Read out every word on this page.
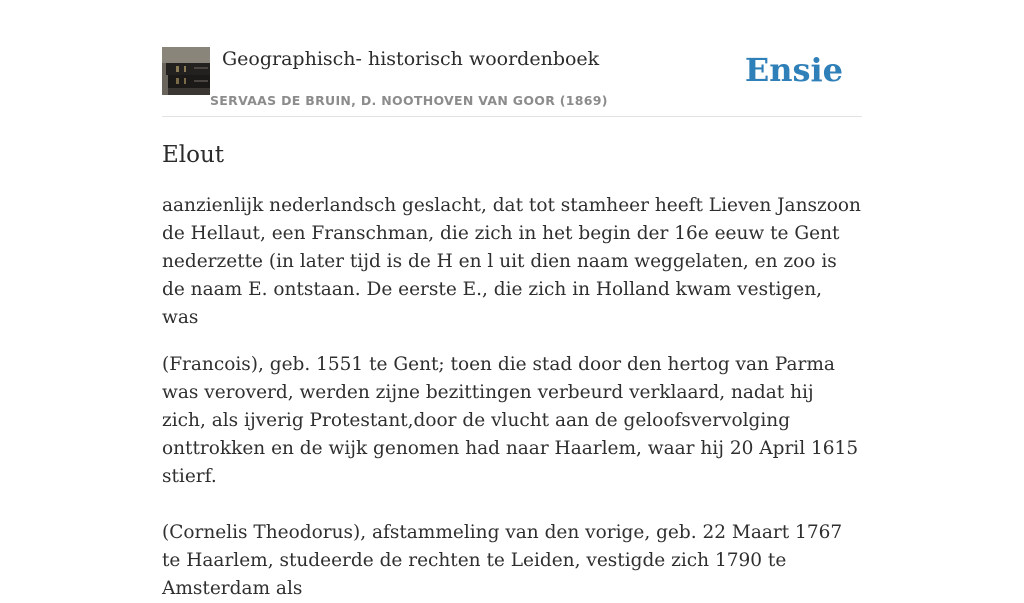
Geographisch- historisch woordenboek
SERVAAS DE BRUIN, D. NOOTHOVEN VAN GOOR (1869)
Ensie
Elout

aanzienlijk nederlandsch geslacht, dat tot stamheer heeft Lieven Janszoon de Hellaut, een Franschman, die zich in het begin der 16e eeuw te Gent nederzette (in later tijd is de H en l uit dien naam weggelaten, en zoo is de naam E. ontstaan. De eerste E., die zich in Holland kwam vestigen, was

(Francois), geb. 1551 te Gent; toen die stad door den hertog van Parma was veroverd, werden zijne bezittingen verbeurd verklaard, nadat hij zich, als ijverig Protestant,door de vlucht aan de geloofsvervolging onttrokken en de wijk genomen had naar Haarlem, waar hij 20 April 1615 stierf.

(Cornelis Theodorus), afstammeling van den vorige, geb. 22 Maart 1767 te Haarlem, studeerde de rechten te Leiden, vestigde zich 1790 te Amsterdam als
